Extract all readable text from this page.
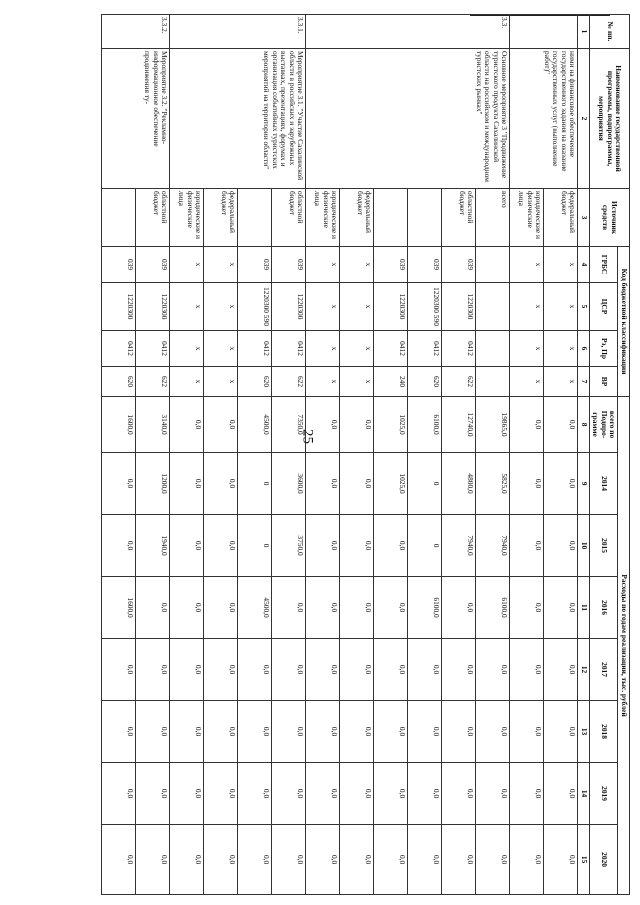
25
№ пп.	Наименование государственной программы, подпрограммы, мероприятия	Источник средств	Код бюджетной классификации				Расходы по годам реализации, тыс. рублей							
			ГРБС	ЦСР	Рз, Пр	ВР	всего по Подпро-грамме	2014	2015	2016	2017	2018	2019	2020
1	2	3	4	5	6	7	8	9	10	11	12	13	14	15
	ними на финансовое обеспечение государственного задания на оказание государственных услуг (выполнение работ)"	федеральный бюджет	х	х	х	х	0,0	0,0	0,0	0,0	0,0	0,0	0,0	0,0
		юридические и физические лица	х	х	х	х	0,0	0,0	0,0	0,0	0,0	0,0	0,0	0,0
3.3.	Основное мероприятие 3 "Продвижение туристского продукта Сахалинской области на российском и международном туристских рынках"	всего					19865,0	5825,0	7940,0	6100,0	0,0	0,0	0,0	0,0
		областной бюджет	039	1220300	0412	622	12740,0	4800,0	7940,0	0,0	0,0	0,0	0,0	0,0
			039	1220300 590	0412	620	6100,0	0	0	6100,0	0,0	0,0	0,0	0,0
			039	1220300	0412	240	1025,0	1025,0	0,0	0,0	0,0	0,0	0,0	0,0
		федеральный бюджет	х	х	х	х	0,0	0,0	0,0	0,0	0,0	0,0	0,0	0,0
		юридические и физические лица	х	х	х	х	0,0	0,0	0,0	0,0	0,0	0,0	0,0	0,0
3.3.1.	Мероприятие 3.1. "Участие Сахалинской области в российских и зарубежных выставках, презентациях, форумах и организация событийных туристских мероприятий на территории области"	областной бюджет	039	1220300	0412	622	7350,0	3600,0	3750,0	0,0	0,0	0,0	0,0	0,0
			039	1220300 590	0412	620	4500,0	0	0	4500,0	0,0	0,0	0,0	0,0
		федеральный бюджет	х	х	х	х	0,0	0,0	0,0	0,0	0,0	0,0	0,0	0,0
		юридические и физические лица	х	х	х	х	0,0	0,0	0,0	0,0	0,0	0,0	0,0	0,0
3.3.2.	Мероприятие 3.2. "Рекламно-информационное обеспечение продвижения ту-	областной бюджет	039	1220300	0412	622	3140,0	1200,0	1940,0	0,0	0,0	0,0	0,0	0,0
			039	1220300	0412	620	1600,0	0,0	0,0	1600,0	0,0	0,0	0,0	0,0
